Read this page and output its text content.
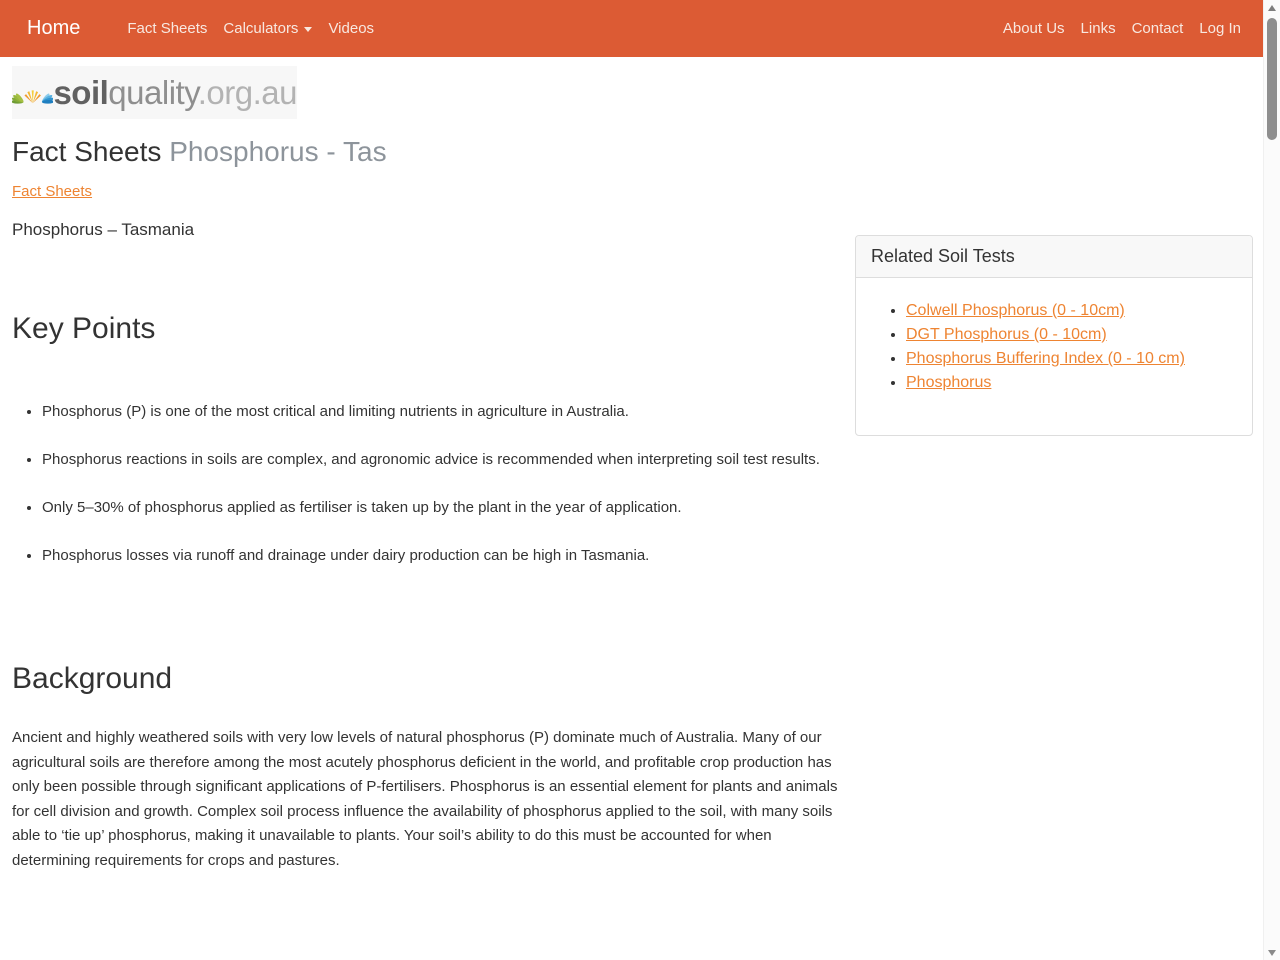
Home	Fact Sheets	Calculators	Videos	About Us	Links	Contact	Log In
soilquality.org.au
Fact Sheets Phosphorus - Tas
Fact Sheets

Phosphorus – Tasmania

Key Points
• Phosphorus (P) is one of the most critical and limiting nutrients in agriculture in Australia.
• Phosphorus reactions in soils are complex, and agronomic advice is recommended when interpreting soil test results.
• Only 5–30% of phosphorus applied as fertiliser is taken up by the plant in the year of application.
• Phosphorus losses via runoff and drainage under dairy production can be high in Tasmania.
Background

Ancient and highly weathered soils with very low levels of natural phosphorus (P) dominate much of Australia. Many of our agricultural soils are therefore among the most acutely phosphorus deficient in the world, and profitable crop production has only been possible through significant applications of P-fertilisers. Phosphorus is an essential element for plants and animals for cell division and growth. Complex soil process influence the availability of phosphorus applied to the soil, with many soils able to ‘tie up’ phosphorus, making it unavailable to plants. Your soil’s ability to do this must be accounted for when determining requirements for crops and pastures.

Related Soil Tests
• Colwell Phosphorus (0 - 10cm)
• DGT Phosphorus (0 - 10cm)
• Phosphorus Buffering Index (0 - 10 cm)
• Phosphorus
